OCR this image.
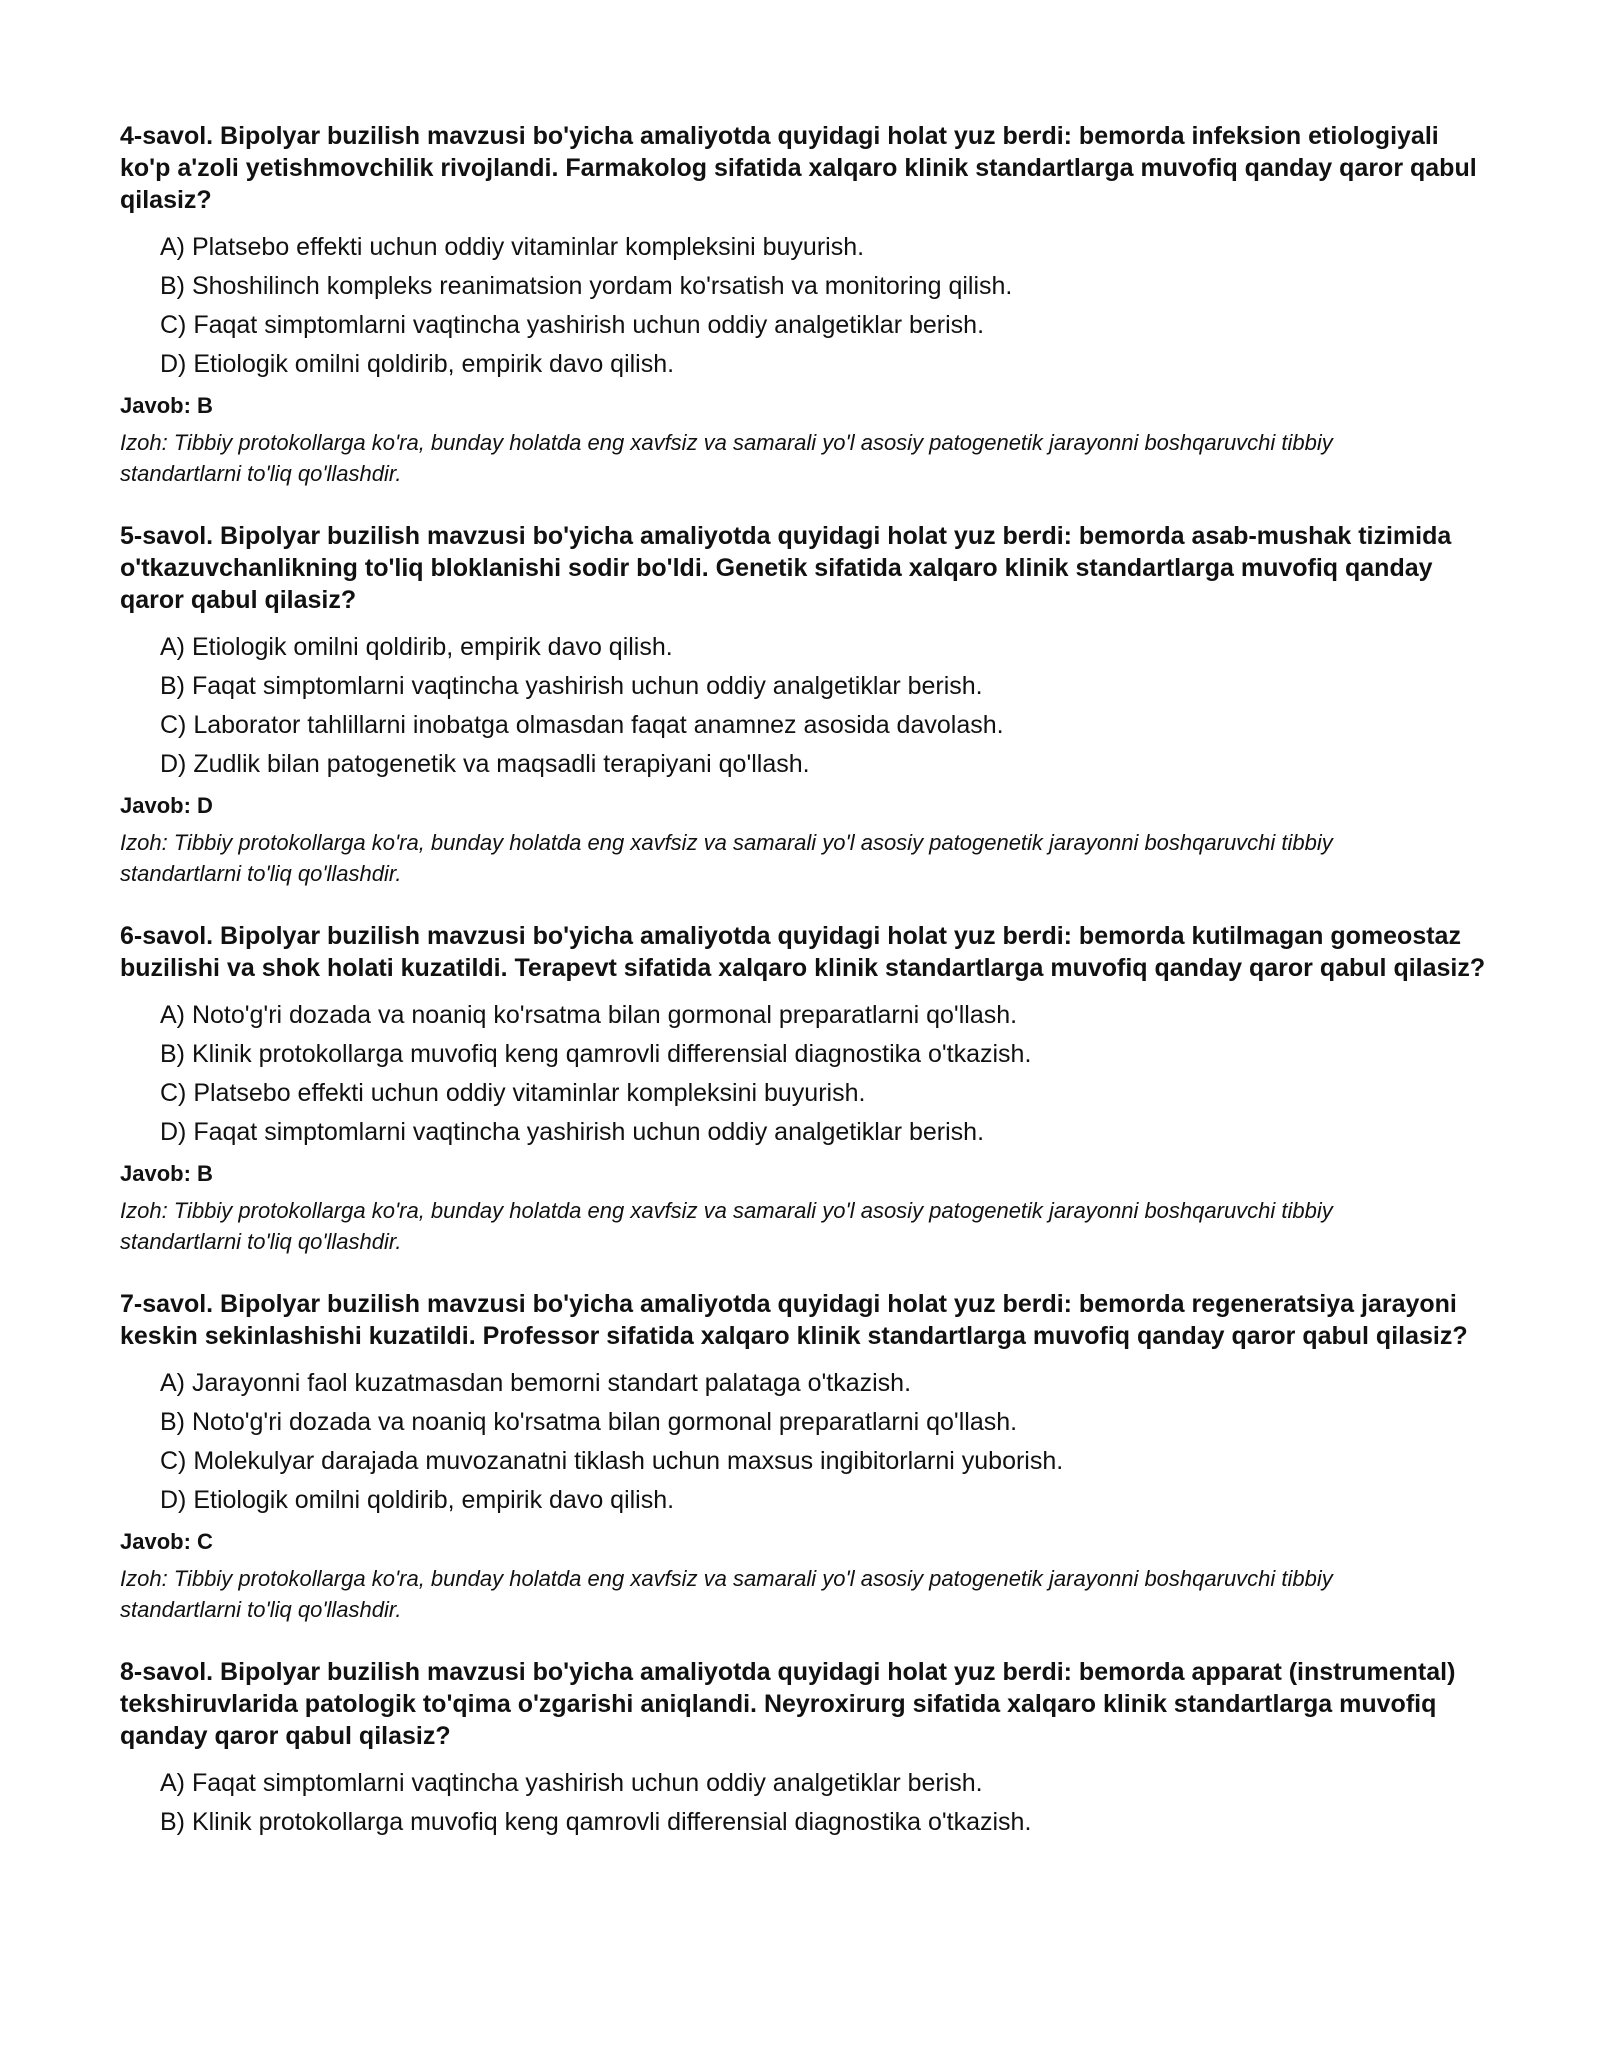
4-savol. Bipolyar buzilish mavzusi bo'yicha amaliyotda quyidagi holat yuz berdi: bemorda infeksion etiologiyali ko'p a'zoli yetishmovchilik rivojlandi. Farmakolog sifatida xalqaro klinik standartlarga muvofiq qanday qaror qabul qilasiz?

A) Platsebo effekti uchun oddiy vitaminlar kompleksini buyurish.
B) Shoshilinch kompleks reanimatsion yordam ko'rsatish va monitoring qilish.
C) Faqat simptomlarni vaqtincha yashirish uchun oddiy analgetiklar berish.
D) Etiologik omilni qoldirib, empirik davo qilish.
Javob: B
Izoh: Tibbiy protokollarga ko'ra, bunday holatda eng xavfsiz va samarali yo'l asosiy patogenetik jarayonni boshqaruvchi tibbiy standartlarni to'liq qo'llashdir.

5-savol. Bipolyar buzilish mavzusi bo'yicha amaliyotda quyidagi holat yuz berdi: bemorda asab-mushak tizimida o'tkazuvchanlikning to'liq bloklanishi sodir bo'ldi. Genetik sifatida xalqaro klinik standartlarga muvofiq qanday qaror qabul qilasiz?

A) Etiologik omilni qoldirib, empirik davo qilish.
B) Faqat simptomlarni vaqtincha yashirish uchun oddiy analgetiklar berish.
C) Laborator tahlillarni inobatga olmasdan faqat anamnez asosida davolash.
D) Zudlik bilan patogenetik va maqsadli terapiyani qo'llash.
Javob: D
Izoh: Tibbiy protokollarga ko'ra, bunday holatda eng xavfsiz va samarali yo'l asosiy patogenetik jarayonni boshqaruvchi tibbiy standartlarni to'liq qo'llashdir.

6-savol. Bipolyar buzilish mavzusi bo'yicha amaliyotda quyidagi holat yuz berdi: bemorda kutilmagan gomeostaz buzilishi va shok holati kuzatildi. Terapevt sifatida xalqaro klinik standartlarga muvofiq qanday qaror qabul qilasiz?

A) Noto'g'ri dozada va noaniq ko'rsatma bilan gormonal preparatlarni qo'llash.
B) Klinik protokollarga muvofiq keng qamrovli differensial diagnostika o'tkazish.
C) Platsebo effekti uchun oddiy vitaminlar kompleksini buyurish.
D) Faqat simptomlarni vaqtincha yashirish uchun oddiy analgetiklar berish.
Javob: B
Izoh: Tibbiy protokollarga ko'ra, bunday holatda eng xavfsiz va samarali yo'l asosiy patogenetik jarayonni boshqaruvchi tibbiy standartlarni to'liq qo'llashdir.

7-savol. Bipolyar buzilish mavzusi bo'yicha amaliyotda quyidagi holat yuz berdi: bemorda regeneratsiya jarayoni keskin sekinlashishi kuzatildi. Professor sifatida xalqaro klinik standartlarga muvofiq qanday qaror qabul qilasiz?

A) Jarayonni faol kuzatmasdan bemorni standart palataga o'tkazish.
B) Noto'g'ri dozada va noaniq ko'rsatma bilan gormonal preparatlarni qo'llash.
C) Molekulyar darajada muvozanatni tiklash uchun maxsus ingibitorlarni yuborish.
D) Etiologik omilni qoldirib, empirik davo qilish.
Javob: C
Izoh: Tibbiy protokollarga ko'ra, bunday holatda eng xavfsiz va samarali yo'l asosiy patogenetik jarayonni boshqaruvchi tibbiy standartlarni to'liq qo'llashdir.

8-savol. Bipolyar buzilish mavzusi bo'yicha amaliyotda quyidagi holat yuz berdi: bemorda apparat (instrumental) tekshiruvlarida patologik to'qima o'zgarishi aniqlandi. Neyroxirurg sifatida xalqaro klinik standartlarga muvofiq qanday qaror qabul qilasiz?

A) Faqat simptomlarni vaqtincha yashirish uchun oddiy analgetiklar berish.
B) Klinik protokollarga muvofiq keng qamrovli differensial diagnostika o'tkazish.
